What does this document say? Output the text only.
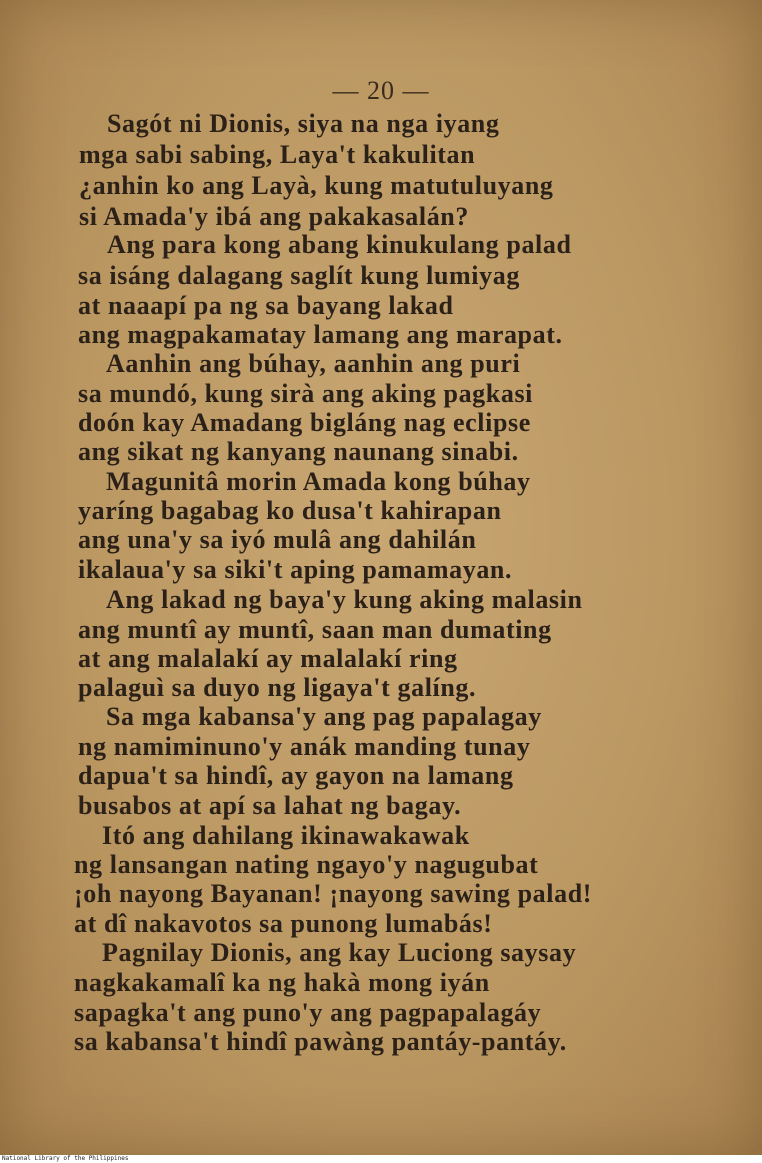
— 20 —
Sagót ni Dionis, siya na nga iyang
mga sabi sabing, Laya't kakulitan
¿anhin ko ang Layà, kung matutuluyang
si Amada'y ibá ang pakakasalán?
Ang para kong abang kinukulang palad
sa isáng dalagang saglít kung lumiyag
at naaapí pa ng sa bayang lakad
ang magpakamatay lamang ang marapat.
Aanhin ang búhay, aanhin ang puri
sa mundó, kung sirà ang aking pagkasi
doón kay Amadang bigláng nag eclipse
ang sikat ng kanyang naunang sinabi.
Magunitâ morin Amada kong búhay
yaríng bagabag ko dusa't kahirapan
ang una'y sa iyó mulâ ang dahilán
ikalaua'y sa siki't aping pamamayan.
Ang lakad ng baya'y kung aking malasin
ang muntî ay muntî, saan man dumating
at ang malalakí ay malalakí ring
palaguì sa duyo ng ligaya't galíng.
Sa mga kabansa'y ang pag papalagay
ng namiminuno'y anák manding tunay
dapua't sa hindî, ay gayon na lamang
busabos at apí sa lahat ng bagay.
Itó ang dahilang ikinawakawak
ng lansangan nating ngayo'y nagugubat
¡oh nayong Bayanan! ¡nayong sawing palad!
at dî nakavotos sa punong lumabás!
Pagnilay Dionis, ang kay Luciong saysay
nagkakamalî ka ng hakà mong iyán
sapagka't ang puno'y ang pagpapalagáy
sa kabansa't hindî pawàng pantáy-pantáy.
National Library of the Philippines
